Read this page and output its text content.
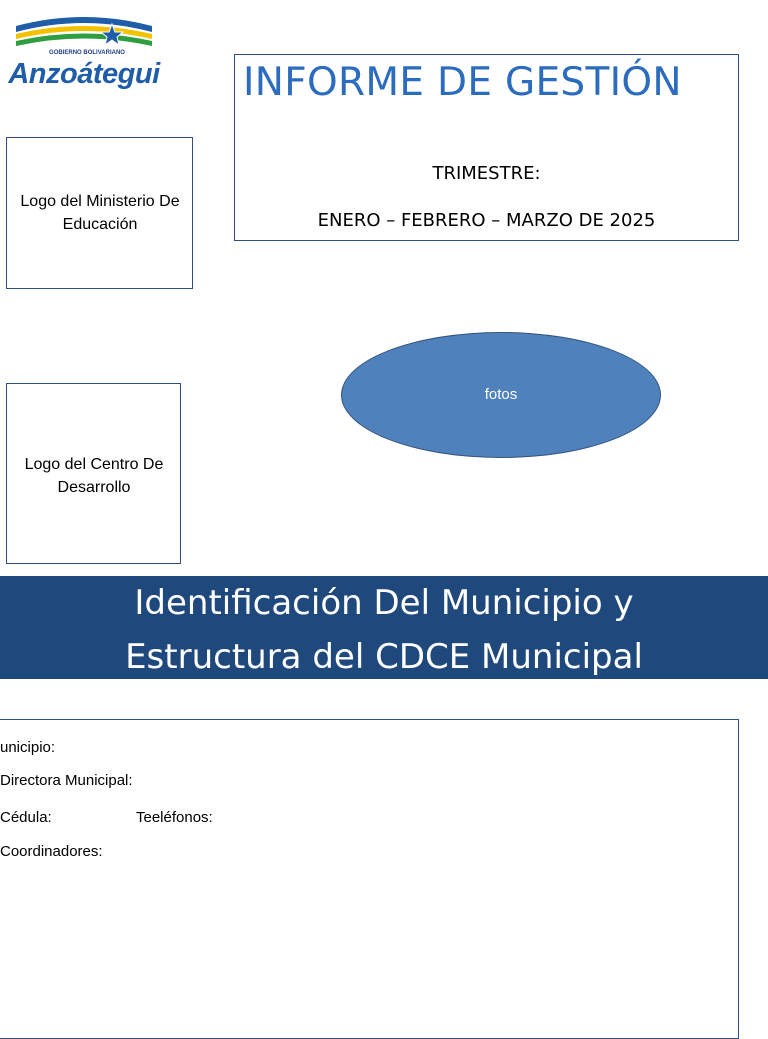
GOBIERNO BOLIVARIANO
Anzoátegui
Logo del Ministerio De Educación
INFORME DE GESTIÓN
TRIMESTRE:
ENERO – FEBRERO – MARZO DE 2025
fotos
Logo del Centro De Desarrollo
Identificación Del Municipio y
Estructura del CDCE Municipal
unicipio:
Directora Municipal:
Cédula:	Teeléfonos:
Coordinadores:
